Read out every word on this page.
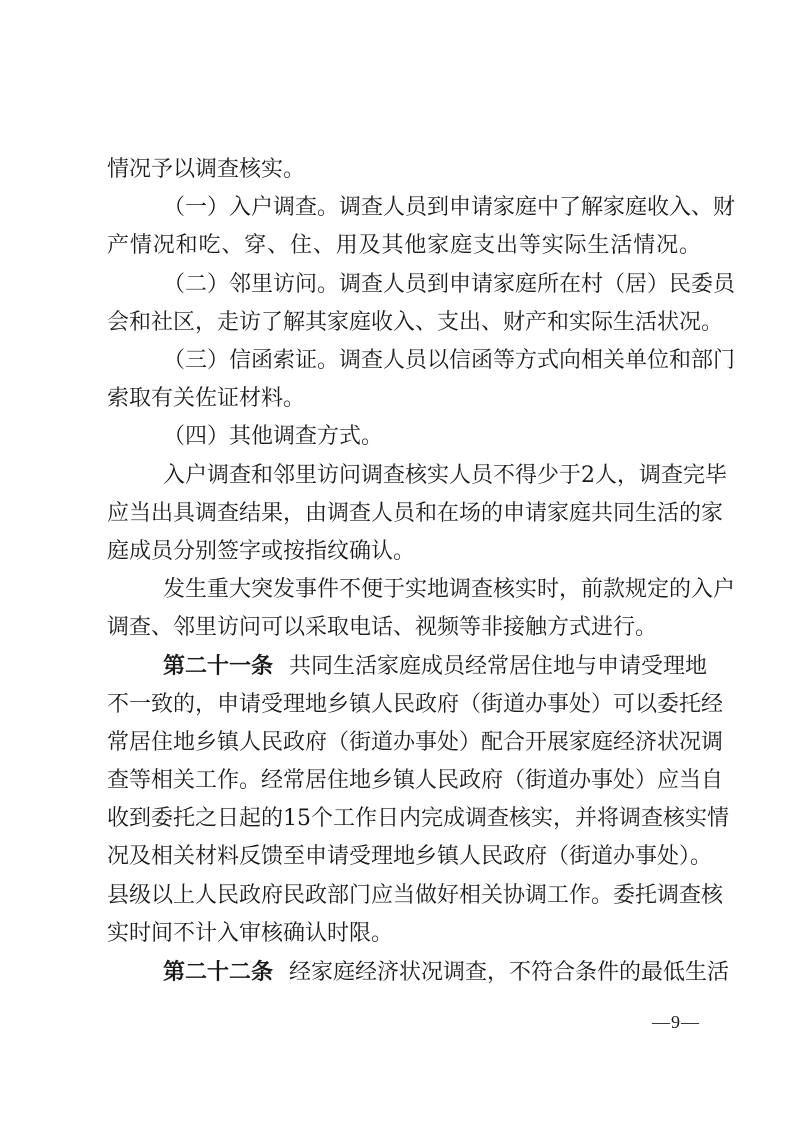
情况予以调查核实。
（一）入户调查。调查人员到申请家庭中了解家庭收入、财
产情况和吃、穿、住、用及其他家庭支出等实际生活情况。
（二）邻里访问。调查人员到申请家庭所在村（居）民委员
会和社区，走访了解其家庭收入、支出、财产和实际生活状况。
（三）信函索证。调查人员以信函等方式向相关单位和部门
索取有关佐证材料。
（四）其他调查方式。
入户调查和邻里访问调查核实人员不得少于2人，调查完毕
应当出具调查结果，由调查人员和在场的申请家庭共同生活的家
庭成员分别签字或按指纹确认。
发生重大突发事件不便于实地调查核实时，前款规定的入户
调查、邻里访问可以采取电话、视频等非接触方式进行。
第二十一条 共同生活家庭成员经常居住地与申请受理地
不一致的，申请受理地乡镇人民政府（街道办事处）可以委托经
常居住地乡镇人民政府（街道办事处）配合开展家庭经济状况调
查等相关工作。经常居住地乡镇人民政府（街道办事处）应当自
收到委托之日起的15个工作日内完成调查核实，并将调查核实情
况及相关材料反馈至申请受理地乡镇人民政府（街道办事处）。
县级以上人民政府民政部门应当做好相关协调工作。委托调查核
实时间不计入审核确认时限。
第二十二条 经家庭经济状况调查，不符合条件的最低生活
—9—
